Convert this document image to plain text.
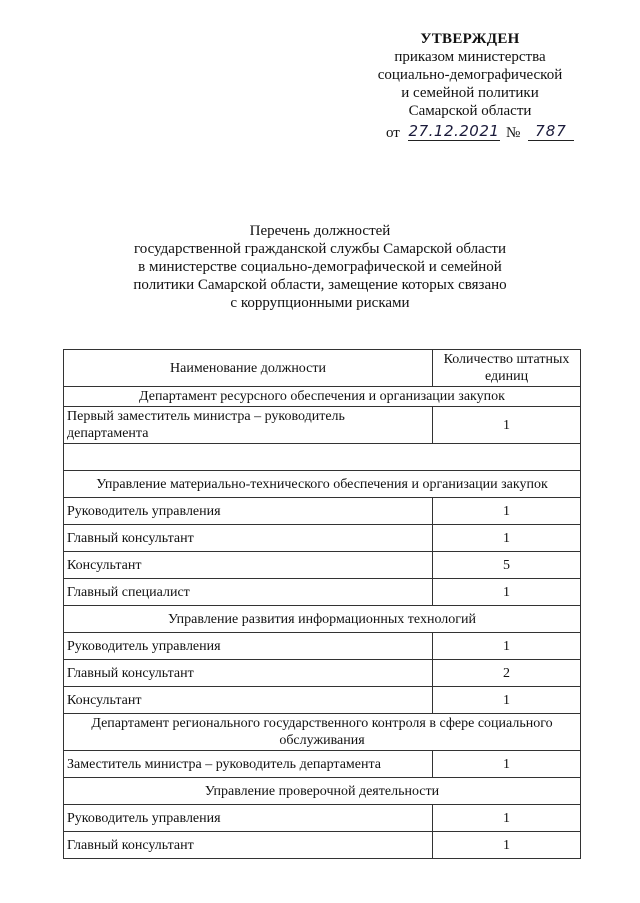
УТВЕРЖДЕН
приказом министерства
социально-демографической
и семейной политики
Самарской области
от 27.12.2021 № 787
Перечень должностей
государственной гражданской службы Самарской области
в министерстве социально-демографической и семейной
политики Самарской области, замещение которых связано
с коррупционными рисками
Наименование должности	Количество штатных единиц
Департамент ресурсного обеспечения и организации закупок	
Первый заместитель министра – руководитель департамента	1

Управление материально-технического обеспечения и организации закупок	
Руководитель управления	1
Главный консультант	1
Консультант	5
Главный специалист	1
Управление развития информационных технологий	
Руководитель управления	1
Главный консультант	2
Консультант	1
Департамент регионального государственного контроля в сфере социального обслуживания	
Заместитель министра – руководитель департамента	1
Управление проверочной деятельности	
Руководитель управления	1
Главный консультант	1
